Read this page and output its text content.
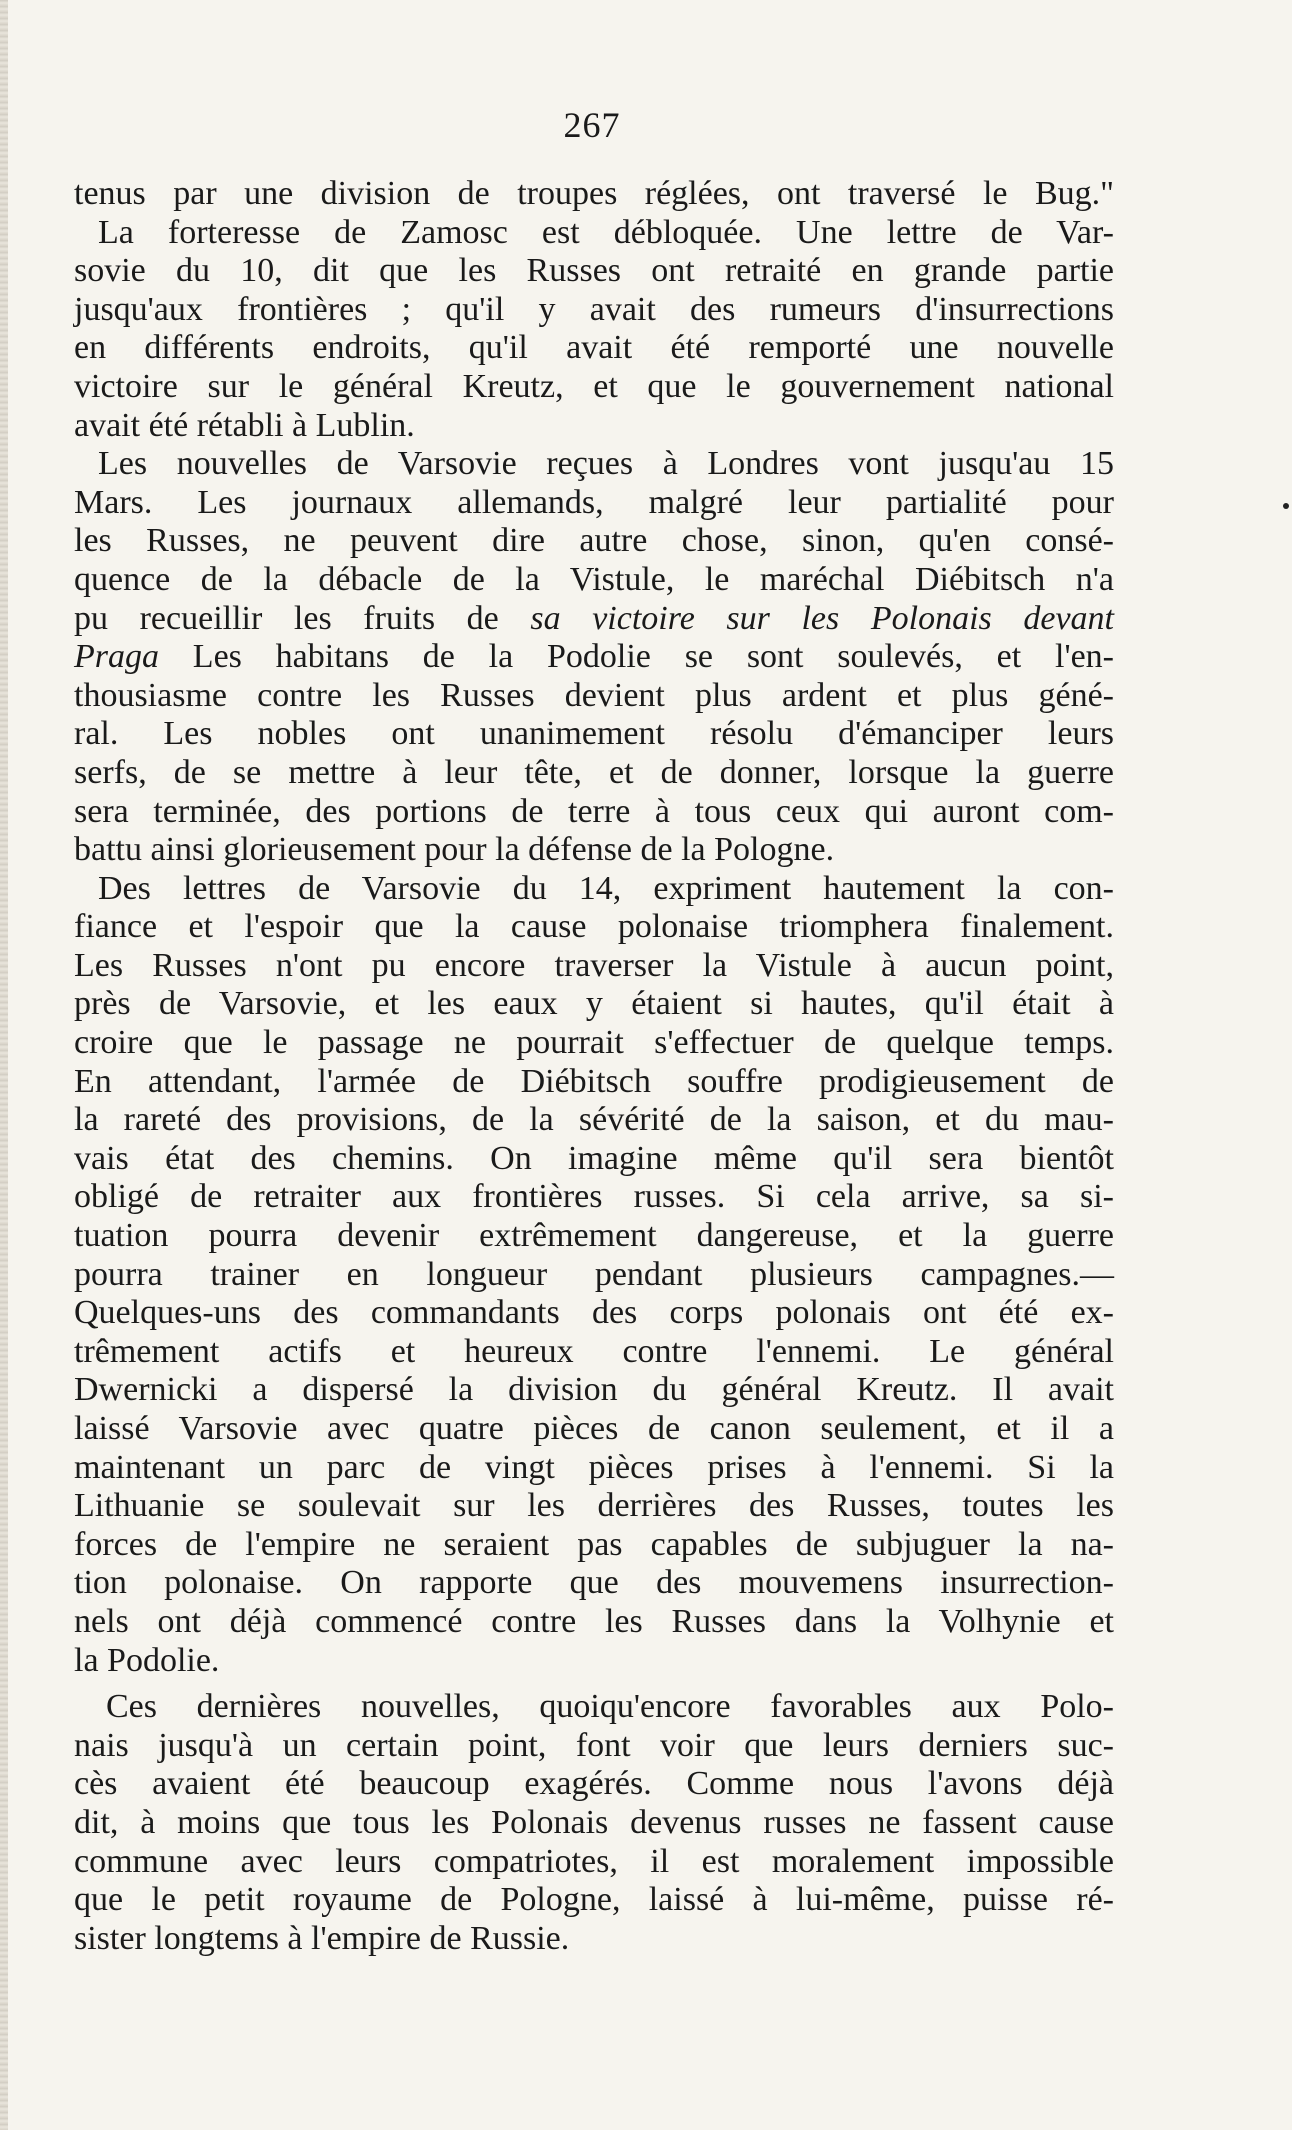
267

tenus par une division de troupes réglées, ont traversé le Bug."
La forteresse de Zamosc est débloquée. Une lettre de Var-
sovie du 10, dit que les Russes ont retraité en grande partie
jusqu'aux frontières ; qu'il y avait des rumeurs d'insurrections
en différents endroits, qu'il avait été remporté une nouvelle
victoire sur le général Kreutz, et que le gouvernement national
avait été rétabli à Lublin.
Les nouvelles de Varsovie reçues à Londres vont jusqu'au 15
Mars. Les journaux allemands, malgré leur partialité pour
les Russes, ne peuvent dire autre chose, sinon, qu'en consé-
quence de la débacle de la Vistule, le maréchal Diébitsch n'a
pu recueillir les fruits de sa victoire sur les Polonais devant
Praga Les habitans de la Podolie se sont soulevés, et l'en-
thousiasme contre les Russes devient plus ardent et plus géné-
ral. Les nobles ont unanimement résolu d'émanciper leurs
serfs, de se mettre à leur tête, et de donner, lorsque la guerre
sera terminée, des portions de terre à tous ceux qui auront com-
battu ainsi glorieusement pour la défense de la Pologne.
Des lettres de Varsovie du 14, expriment hautement la con-
fiance et l'espoir que la cause polonaise triomphera finalement.
Les Russes n'ont pu encore traverser la Vistule à aucun point,
près de Varsovie, et les eaux y étaient si hautes, qu'il était à
croire que le passage ne pourrait s'effectuer de quelque temps.
En attendant, l'armée de Diébitsch souffre prodigieusement de
la rareté des provisions, de la sévérité de la saison, et du mau-
vais état des chemins. On imagine même qu'il sera bientôt
obligé de retraiter aux frontières russes. Si cela arrive, sa si-
tuation pourra devenir extrêmement dangereuse, et la guerre
pourra trainer en longueur pendant plusieurs campagnes.—
Quelques-uns des commandants des corps polonais ont été ex-
trêmement actifs et heureux contre l'ennemi. Le général
Dwernicki a dispersé la division du général Kreutz. Il avait
laissé Varsovie avec quatre pièces de canon seulement, et il a
maintenant un parc de vingt pièces prises à l'ennemi. Si la
Lithuanie se soulevait sur les derrières des Russes, toutes les
forces de l'empire ne seraient pas capables de subjuguer la na-
tion polonaise. On rapporte que des mouvemens insurrection-
nels ont déjà commencé contre les Russes dans la Volhynie et
la Podolie.
Ces dernières nouvelles, quoiqu'encore favorables aux Polo-
nais jusqu'à un certain point, font voir que leurs derniers suc-
cès avaient été beaucoup exagérés. Comme nous l'avons déjà
dit, à moins que tous les Polonais devenus russes ne fassent cause
commune avec leurs compatriotes, il est moralement impossible
que le petit royaume de Pologne, laissé à lui-même, puisse ré-
sister longtems à l'empire de Russie.
